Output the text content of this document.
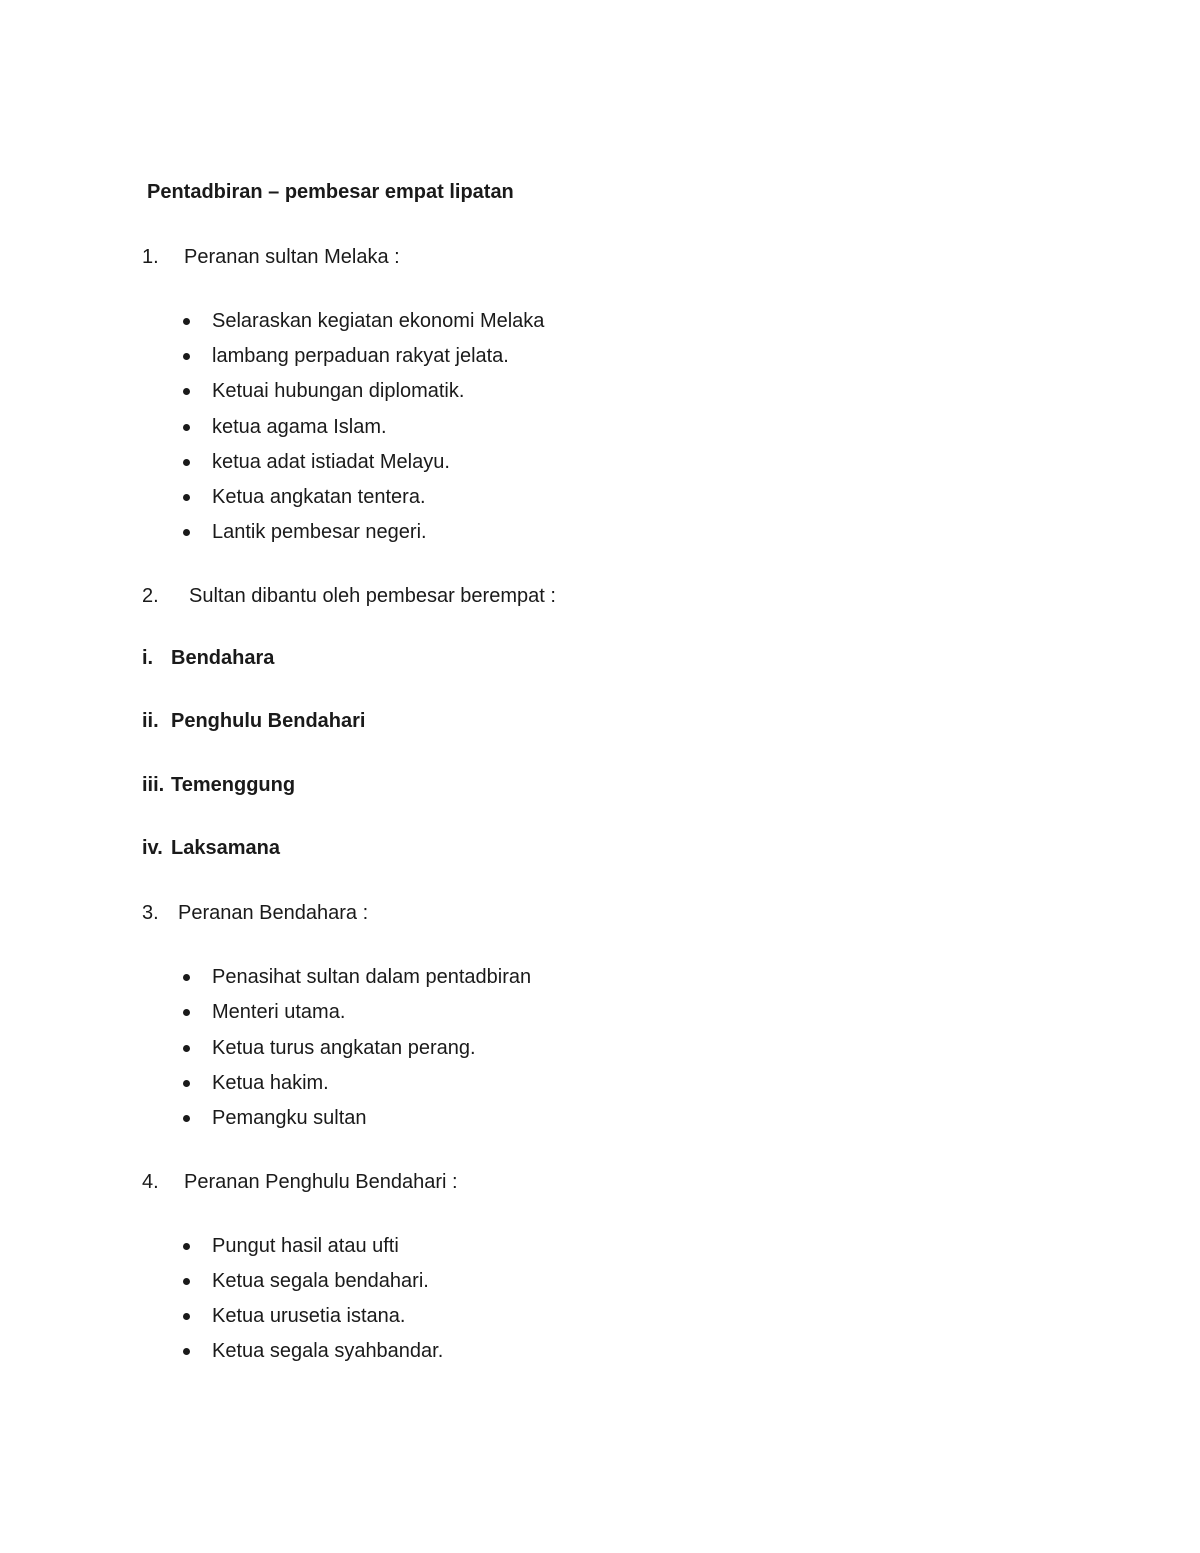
Pentadbiran – pembesar empat lipatan
1. Peranan sultan Melaka :
Selaraskan kegiatan ekonomi Melaka
lambang perpaduan rakyat jelata.
Ketuai hubungan diplomatik.
ketua agama Islam.
ketua adat istiadat Melayu.
Ketua angkatan tentera.
Lantik pembesar negeri.
2. Sultan dibantu oleh pembesar berempat :
i. Bendahara
ii. Penghulu Bendahari
iii. Temenggung
iv. Laksamana
3. Peranan Bendahara :
Penasihat sultan dalam pentadbiran
Menteri utama.
Ketua turus angkatan perang.
Ketua hakim.
Pemangku sultan
4. Peranan Penghulu Bendahari :
Pungut hasil atau ufti
Ketua segala bendahari.
Ketua urusetia istana.
Ketua segala syahbandar.
